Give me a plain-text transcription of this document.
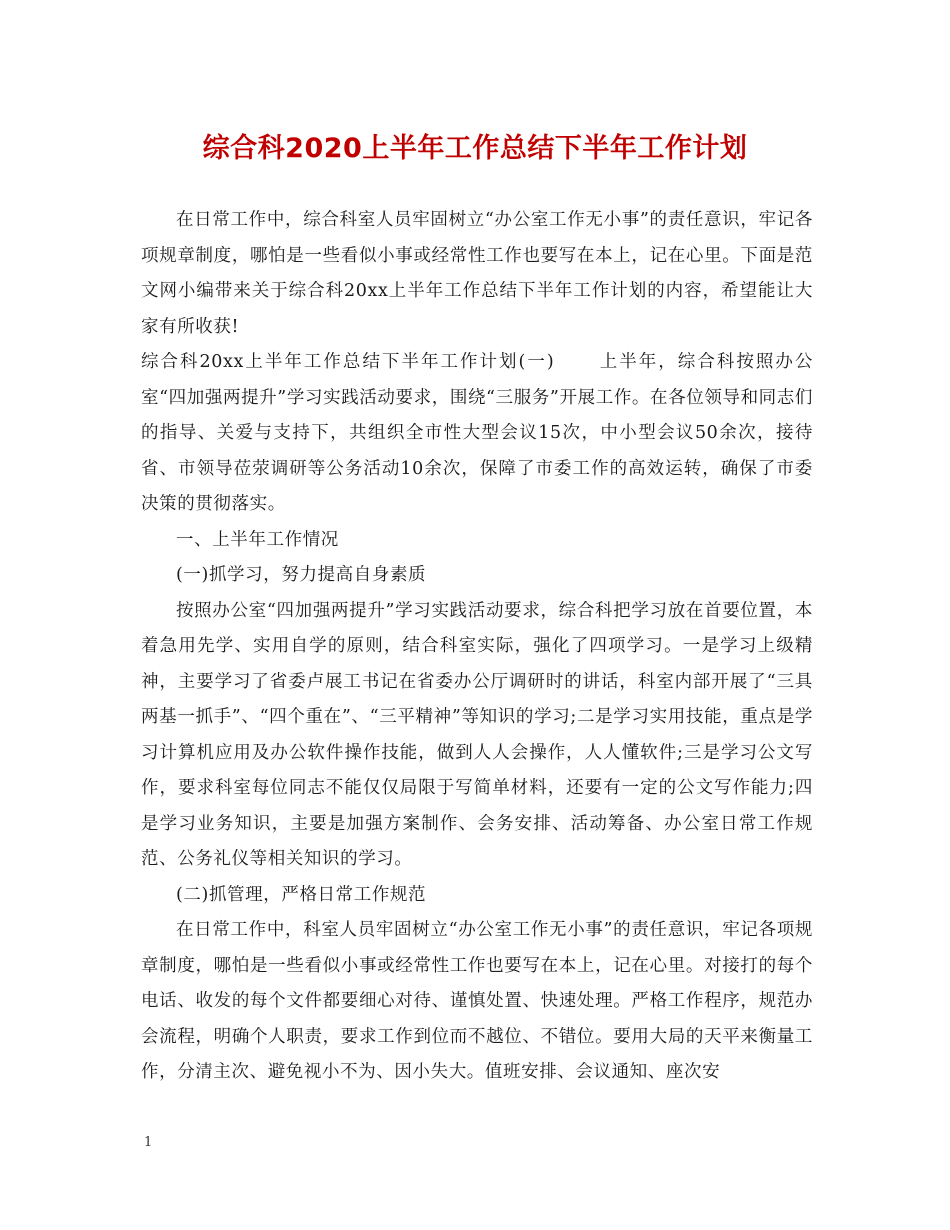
综合科2020上半年工作总结下半年工作计划

在日常工作中，综合科室人员牢固树立“办公室工作无小事”的责任意识，牢记各项规章制度，哪怕是一些看似小事或经常性工作也要写在本上，记在心里。下面是范文网小编带来关于综合科20xx上半年工作总结下半年工作计划的内容，希望能让大家有所收获!

综合科20xx上半年工作总结下半年工作计划(一)	上半年，综合科按照办公室“四加强两提升”学习实践活动要求，围绕“三服务”开展工作。在各位领导和同志们的指导、关爱与支持下，共组织全市性大型会议15次，中小型会议50余次，接待省、市领导莅荥调研等公务活动10余次，保障了市委工作的高效运转，确保了市委决策的贯彻落实。

一、上半年工作情况

(一)抓学习，努力提高自身素质

按照办公室“四加强两提升”学习实践活动要求，综合科把学习放在首要位置，本着急用先学、实用自学的原则，结合科室实际，强化了四项学习。一是学习上级精神，主要学习了省委卢展工书记在省委办公厅调研时的讲话，科室内部开展了“三具两基一抓手”、“四个重在”、“三平精神”等知识的学习;二是学习实用技能，重点是学习计算机应用及办公软件操作技能，做到人人会操作，人人懂软件;三是学习公文写作，要求科室每位同志不能仅仅局限于写简单材料，还要有一定的公文写作能力;四是学习业务知识，主要是加强方案制作、会务安排、活动筹备、办公室日常工作规范、公务礼仪等相关知识的学习。

(二)抓管理，严格日常工作规范

在日常工作中，科室人员牢固树立“办公室工作无小事”的责任意识，牢记各项规章制度，哪怕是一些看似小事或经常性工作也要写在本上，记在心里。对接打的每个电话、收发的每个文件都要细心对待、谨慎处置、快速处理。严格工作程序，规范办会流程，明确个人职责，要求工作到位而不越位、不错位。要用大局的天平来衡量工作，分清主次、避免视小不为、因小失大。值班安排、会议通知、座次安

1
